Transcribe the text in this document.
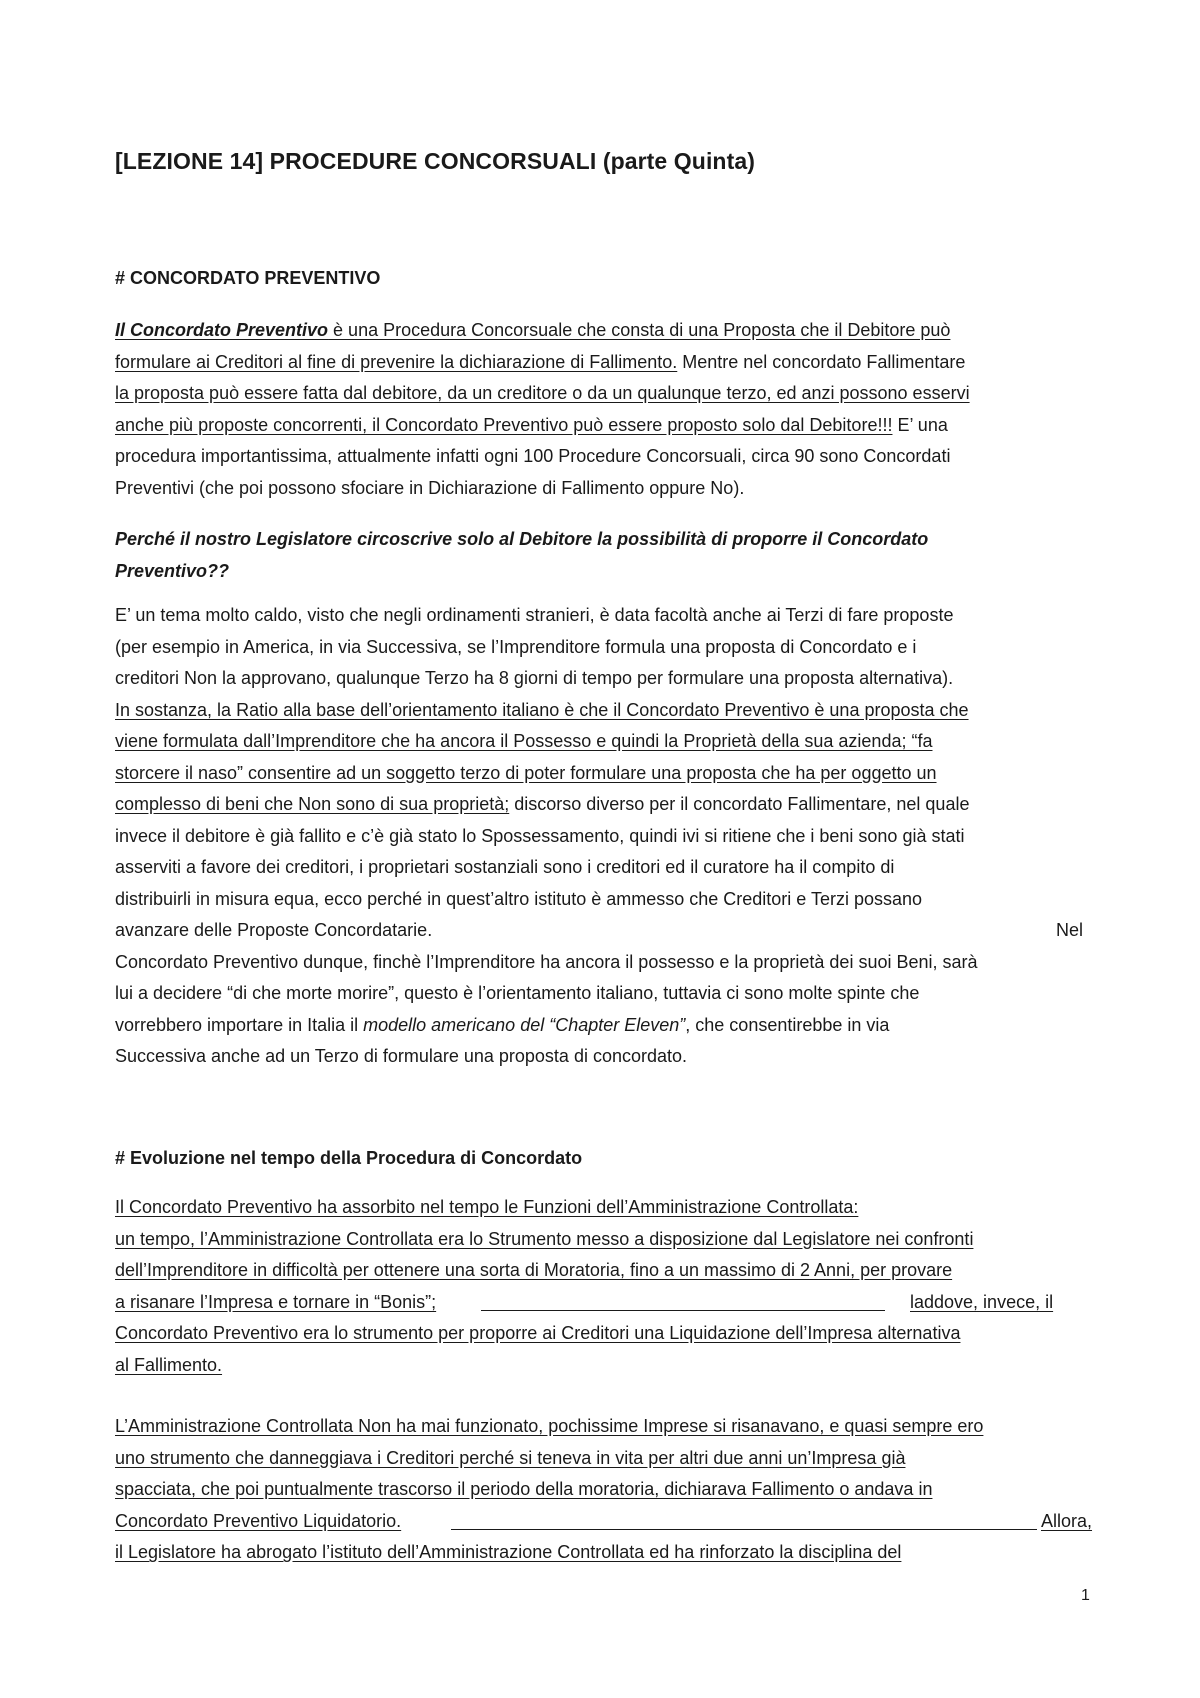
[LEZIONE 14] PROCEDURE CONCORSUALI (parte Quinta)
# CONCORDATO PREVENTIVO
Il Concordato Preventivo è una Procedura Concorsuale che consta di una Proposta che il Debitore può
formulare ai Creditori al fine di prevenire la dichiarazione di Fallimento. Mentre nel concordato Fallimentare
la proposta può essere fatta dal debitore, da un creditore o da un qualunque terzo, ed anzi possono esservi
anche più proposte concorrenti, il Concordato Preventivo può essere proposto solo dal Debitore!!! E’ una
procedura importantissima, attualmente infatti ogni 100 Procedure Concorsuali, circa 90 sono Concordati
Preventivi (che poi possono sfociare in Dichiarazione di Fallimento oppure No).
Perché il nostro Legislatore circoscrive solo al Debitore la possibilità di proporre il Concordato
Preventivo??
E’ un tema molto caldo, visto che negli ordinamenti stranieri, è data facoltà anche ai Terzi di fare proposte
(per esempio in America, in via Successiva, se l’Imprenditore formula una proposta di Concordato e i
creditori Non la approvano, qualunque Terzo ha 8 giorni di tempo per formulare una proposta alternativa).
In sostanza, la Ratio alla base dell’orientamento italiano è che il Concordato Preventivo è una proposta che
viene formulata dall’Imprenditore che ha ancora il Possesso e quindi la Proprietà della sua azienda; “fa
storcere il naso” consentire ad un soggetto terzo di poter formulare una proposta che ha per oggetto un
complesso di beni che Non sono di sua proprietà; discorso diverso per il concordato Fallimentare, nel quale
invece il debitore è già fallito e c’è già stato lo Spossessamento, quindi ivi si ritiene che i beni sono già stati
asserviti a favore dei creditori, i proprietari sostanziali sono i creditori ed il curatore ha il compito di
distribuirli in misura equa, ecco perché in quest’altro istituto è ammesso che Creditori e Terzi possano
avanzare delle Proposte Concordatarie.	Nel
Concordato Preventivo dunque, finchè l’Imprenditore ha ancora il possesso e la proprietà dei suoi Beni, sarà
lui a decidere “di che morte morire”, questo è l’orientamento italiano, tuttavia ci sono molte spinte che
vorrebbero importare in Italia il modello americano del “Chapter Eleven”, che consentirebbe in via
Successiva anche ad un Terzo di formulare una proposta di concordato.
# Evoluzione nel tempo della Procedura di Concordato
Il Concordato Preventivo ha assorbito nel tempo le Funzioni dell’Amministrazione Controllata:
un tempo, l’Amministrazione Controllata era lo Strumento messo a disposizione dal Legislatore nei confronti
dell’Imprenditore in difficoltà per ottenere una sorta di Moratoria, fino a un massimo di 2 Anni, per provare
a risanare l’Impresa e tornare in “Bonis”;	laddove, invece, il
Concordato Preventivo era lo strumento per proporre ai Creditori una Liquidazione dell’Impresa alternativa
al Fallimento.
L’Amministrazione Controllata Non ha mai funzionato, pochissime Imprese si risanavano, e quasi sempre ero
uno strumento che danneggiava i Creditori perché si teneva in vita per altri due anni un’Impresa già
spacciata, che poi puntualmente trascorso il periodo della moratoria, dichiarava Fallimento o andava in
Concordato Preventivo Liquidatorio.	Allora,
il Legislatore ha abrogato l’istituto dell’Amministrazione Controllata ed ha rinforzato la disciplina del
1
